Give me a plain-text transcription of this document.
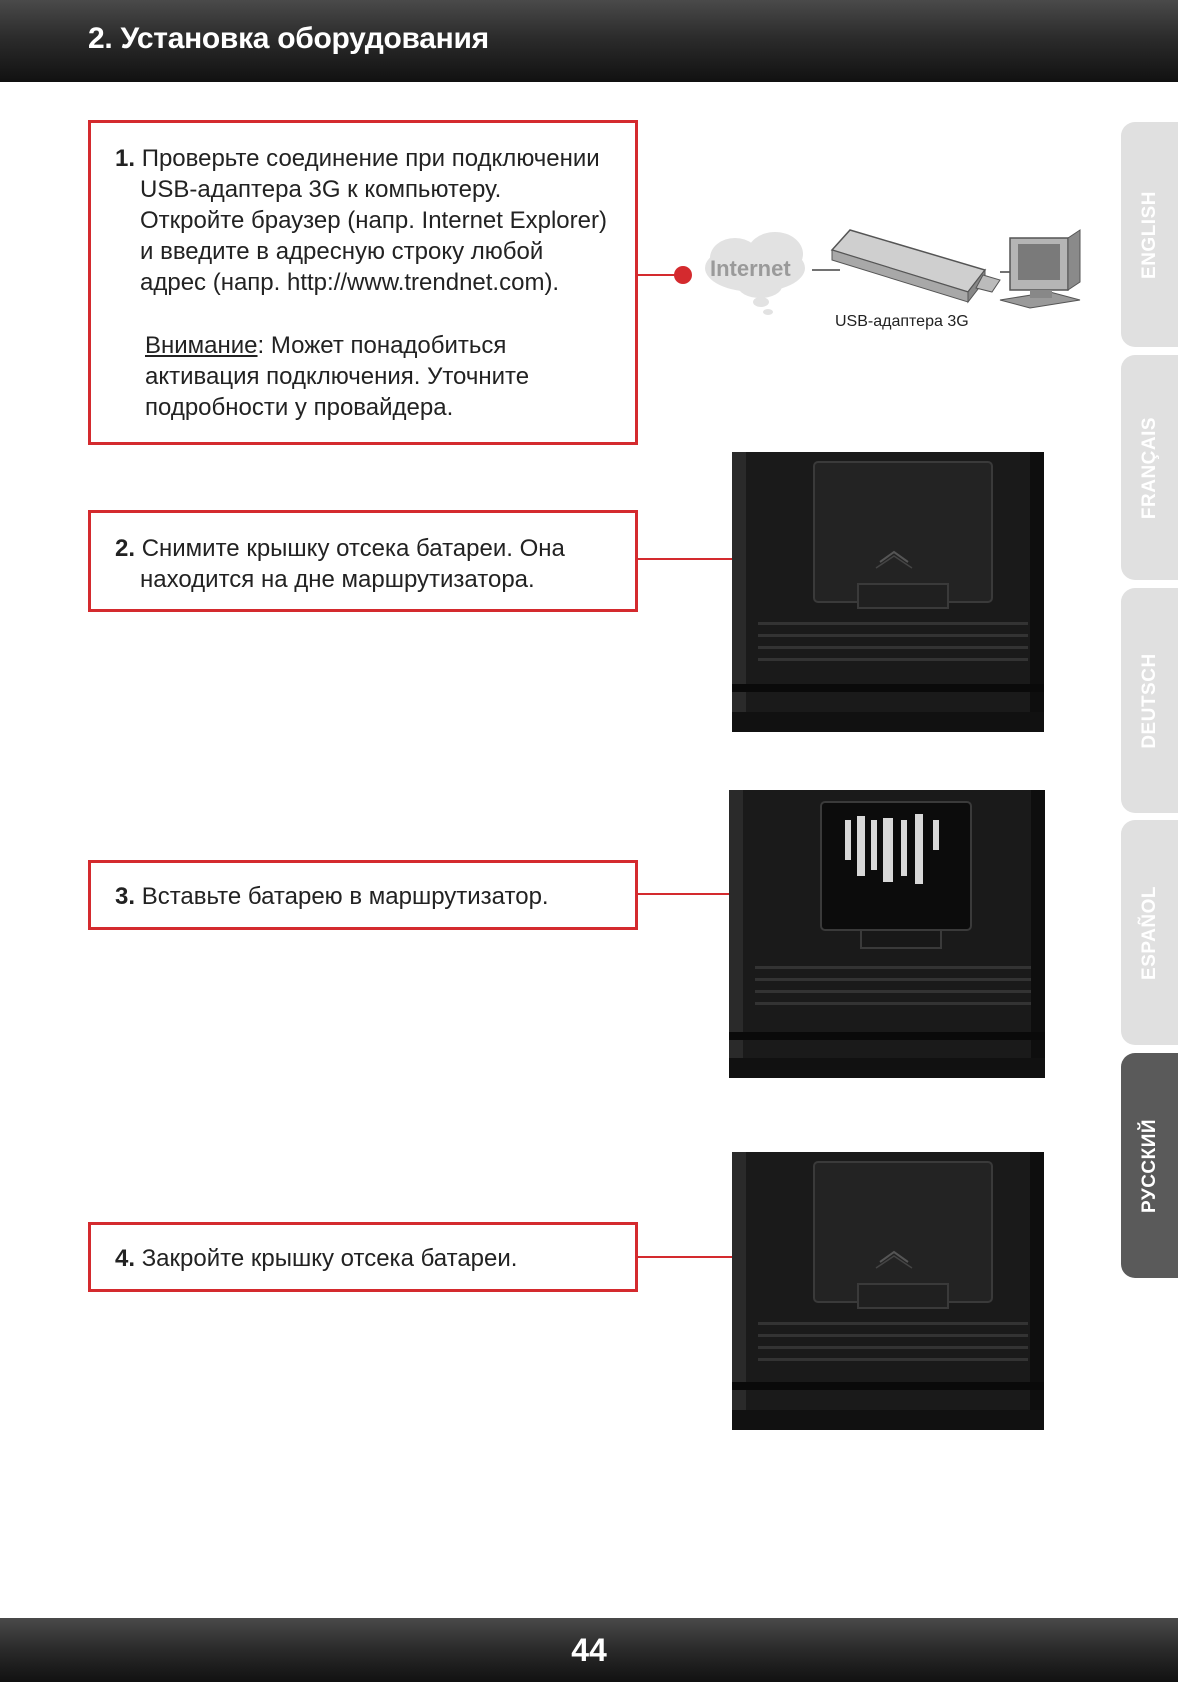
2. Установка оборудования
ENGLISH
FRANÇAIS
DEUTSCH
ESPAÑOL
РУССКИЙ

1. Проверьте соединение при подключении USB-адаптера 3G к компьютеру. Откройте браузер (напр. Internet Explorer) и введите в адресную строку любой адрес (напр. http://www.trendnet.com).

Внимание: Может понадобиться активация подключения. Уточните подробности у провайдера.

Internet
USB-адаптера 3G

2. Снимите крышку отсека батареи. Она находится на дне маршрутизатора.

3. Вставьте батарею в маршрутизатор.

4. Закройте крышку отсека батареи.

44
